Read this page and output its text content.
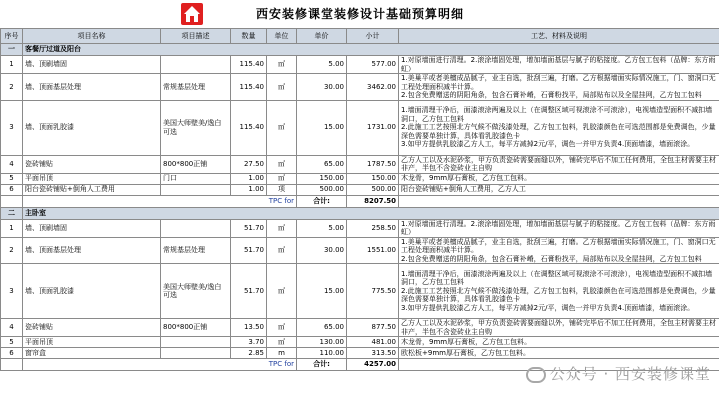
西安装修课堂装修设计基础预算明细
序号	项目名称	项目描述	数量	单位	单价	小计	工艺、材料及说明
一	客餐厅过道及阳台						
1	墙、顶刷墙固		115.40	㎡	5.00	577.00	1.对原墙面进行清理。2.滚涂墙固处理，增加墙面基层与腻子的粘接度。乙方包工包料（品牌：东方雨虹）

2	墙、顶面基层处理	常规基层处理	115.40	㎡	30.00	3462.00	1.美巢平或者美檀成品腻子，业主自选，批刮三遍，打磨。乙方根据墙面实际情况施工，门、窗洞口无工程处理面积减半计算。
2.包含免费赠送的阴阳角条，包含石膏补嵴，石膏粉找平，局部贴布以及全屋挂网，乙方包工包料

3	墙、顶面乳胶漆	美国大师壁美/逸白可选	115.40	㎡	15.00	1731.00	1.墙面清理干净后，面漆滚涂两遍及以上（在调整区域可视滚涂不可滚涂），电视墙造型面积不减扣墙洞口，乙方包工包料
2.此施工工艺按照北方气候不做浅漆处理，乙方包工包料，乳胶漆颜色在可选范围都是免费调色，少量深色需要单独计算，具体看乳胶漆色卡
3.如甲方提供乳胶漆乙方人工，每平方减掉2元/平，调色一并甲方负责4.顶面墙漆，墙面滚涂。

4	瓷砖铺贴	800*800正铺	27.50	㎡	65.00	1787.50	乙方人工以及水泥砂浆，甲方负责瓷砖需要面缝以外，铺砖完毕后不加工任何费用，全包主材需要主材非产，半包不含瓷砖业主自购

5	平面吊顶	门口	1.00	㎡	150.00	150.00	木龙骨，9mm厚石膏板，乙方包工包料。

6	阳台瓷砖铺贴+倒角人工费用		1.00	项	500.00	500.00	阳台瓷砖铺贴+倒角人工费用，乙方人工

	TPC for				合计:	8207.50	
二	主卧室						
1	墙、顶刷墙固		51.70	㎡	5.00	258.50	1.对原墙面进行清理。2.滚涂墙固处理，增加墙面基层与腻子的粘接度。乙方包工包料（品牌：东方雨虹）

2	墙、顶面基层处理	常规基层处理	51.70	㎡	30.00	1551.00	1.美巢平或者美檀成品腻子，业主自选，批刮三遍，打磨。乙方根据墙面实际情况施工，门、窗洞口无工程处理面积减半计算。
2.包含免费赠送的阴阳角条，包含石膏补嵴，石膏粉找平，局部贴布以及全屋挂网，乙方包工包料

3	墙、顶面乳胶漆	美国大师壁美/逸白可选	51.70	㎡	15.00	775.50	1.墙面清理干净后，面漆滚涂两遍及以上（在调整区域可视滚涂不可滚涂），电视墙造型面积不减扣墙洞口，乙方包工包料
2.此施工工艺按照北方气候不做浅漆处理，乙方包工包料，乳胶漆颜色在可选范围都是免费调色，少量深色需要单独计算，具体看乳胶漆色卡
3.如甲方提供乳胶漆乙方人工，每平方减掉2元/平，调色一并甲方负责4.顶面墙漆，墙面滚涂。

4	瓷砖铺贴	800*800正铺	13.50	㎡	65.00	877.50	乙方人工以及水泥砂浆，甲方负责瓷砖需要面缝以外，铺砖完毕后不加工任何费用，全包主材需要主材非产，半包不含瓷砖业主自购

5	平面吊顶		3.70	㎡	130.00	481.00	木龙骨，9mm厚石膏板，乙方包工包料。

6	窗帘盒		2.85	m	110.00	313.50	欧松板+9mm厚石膏板，乙方包工包料。

	TPC for				合计:	4257.00	
公众号 · 西安装修课堂
